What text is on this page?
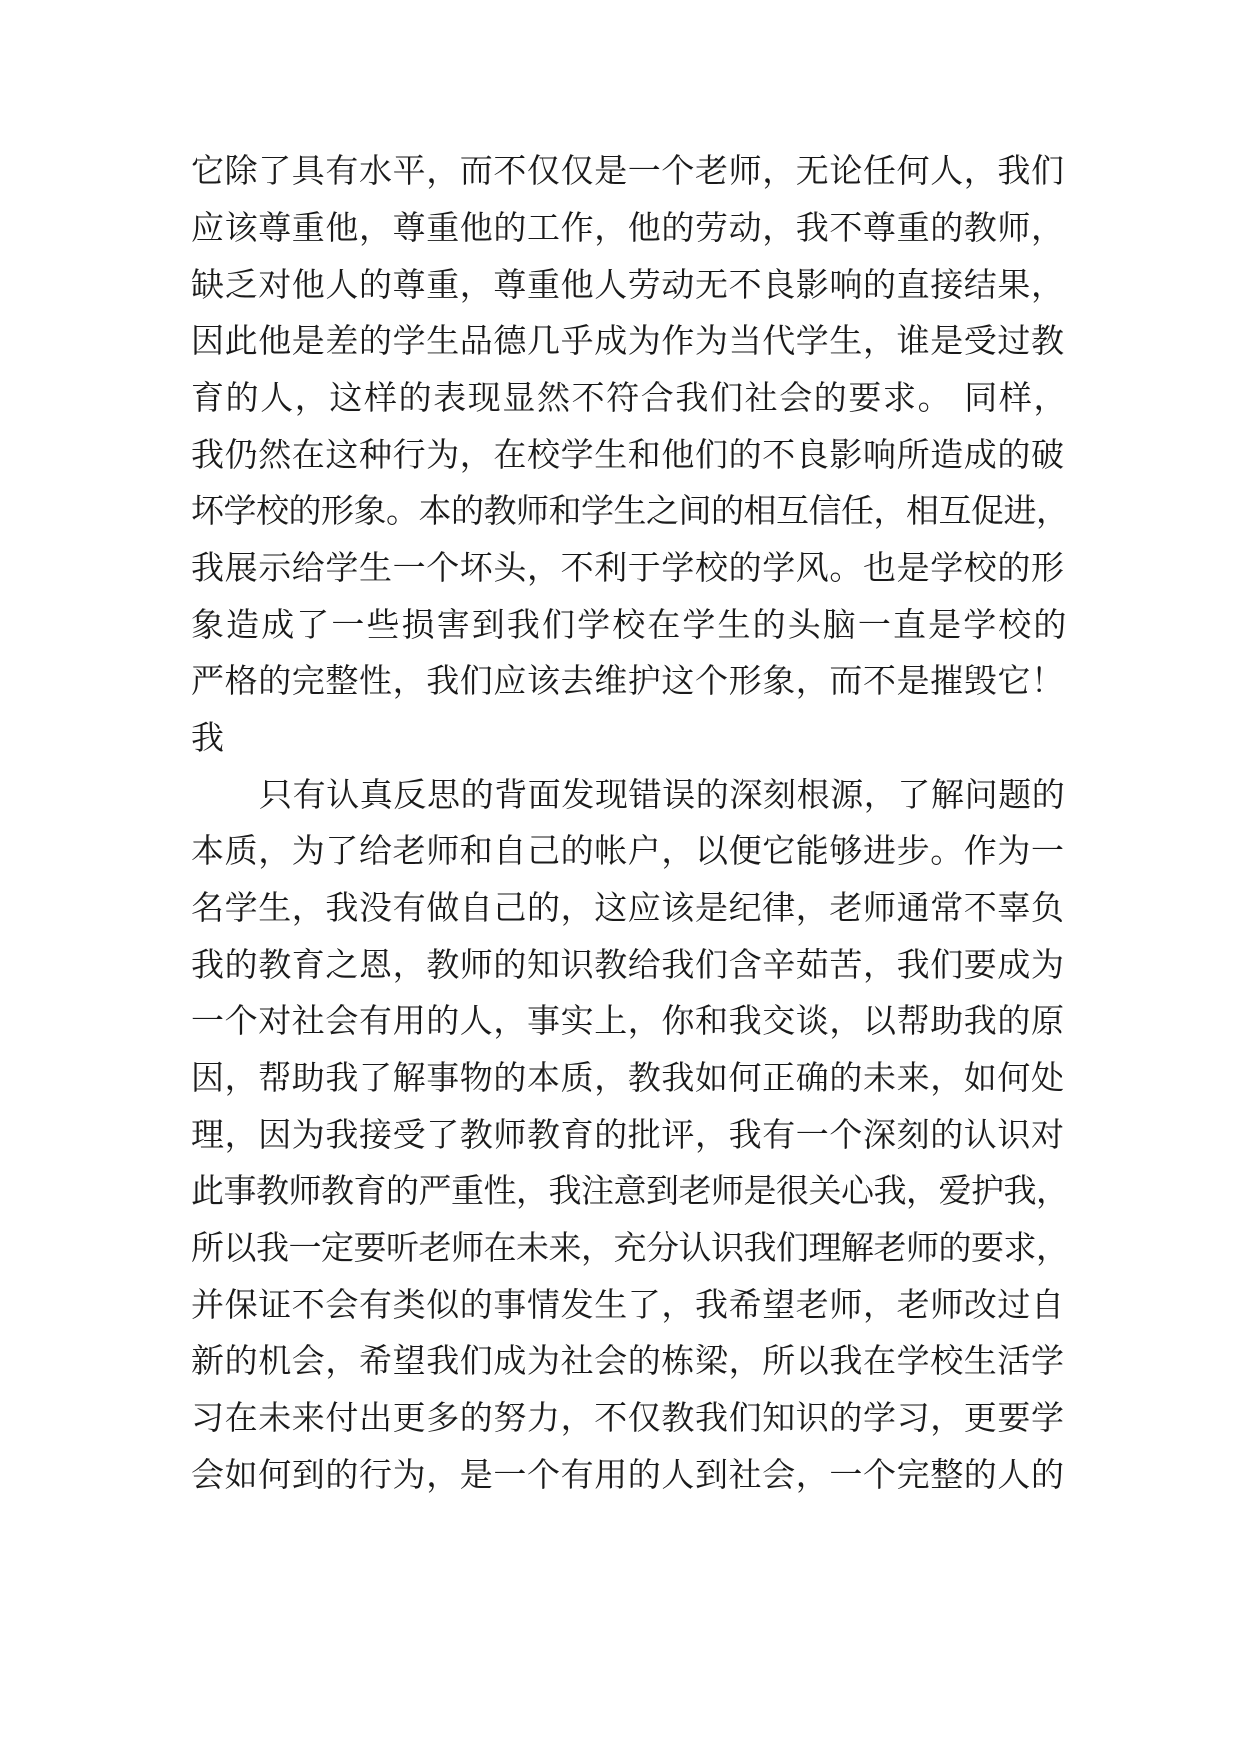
它除了具有水平，而不仅仅是一个老师，无论任何人，我们
应该尊重他，尊重他的工作，他的劳动，我不尊重的教师，
缺乏对他人的尊重，尊重他人劳动无不良影响的直接结果，
因此他是差的学生品德几乎成为作为当代学生，谁是受过教
育的人，这样的表现显然不符合我们社会的要求。 同样，
我仍然在这种行为，在校学生和他们的不良影响所造成的破
坏学校的形象。本的教师和学生之间的相互信任，相互促进，
我展示给学生一个坏头，不利于学校的学风。也是学校的形
象造成了一些损害到我们学校在学生的头脑一直是学校的
严格的完整性，我们应该去维护这个形象，而不是摧毁它！
我
只有认真反思的背面发现错误的深刻根源，了解问题的
本质，为了给老师和自己的帐户，以便它能够进步。作为一
名学生，我没有做自己的，这应该是纪律，老师通常不辜负
我的教育之恩，教师的知识教给我们含辛茹苦，我们要成为
一个对社会有用的人，事实上，你和我交谈，以帮助我的原
因，帮助我了解事物的本质，教我如何正确的未来，如何处
理，因为我接受了教师教育的批评，我有一个深刻的认识对
此事教师教育的严重性，我注意到老师是很关心我，爱护我，
所以我一定要听老师在未来，充分认识我们理解老师的要求，
并保证不会有类似的事情发生了，我希望老师，老师改过自
新的机会，希望我们成为社会的栋梁，所以我在学校生活学
习在未来付出更多的努力，不仅教我们知识的学习，更要学
会如何到的行为，是一个有用的人到社会，一个完整的人的
